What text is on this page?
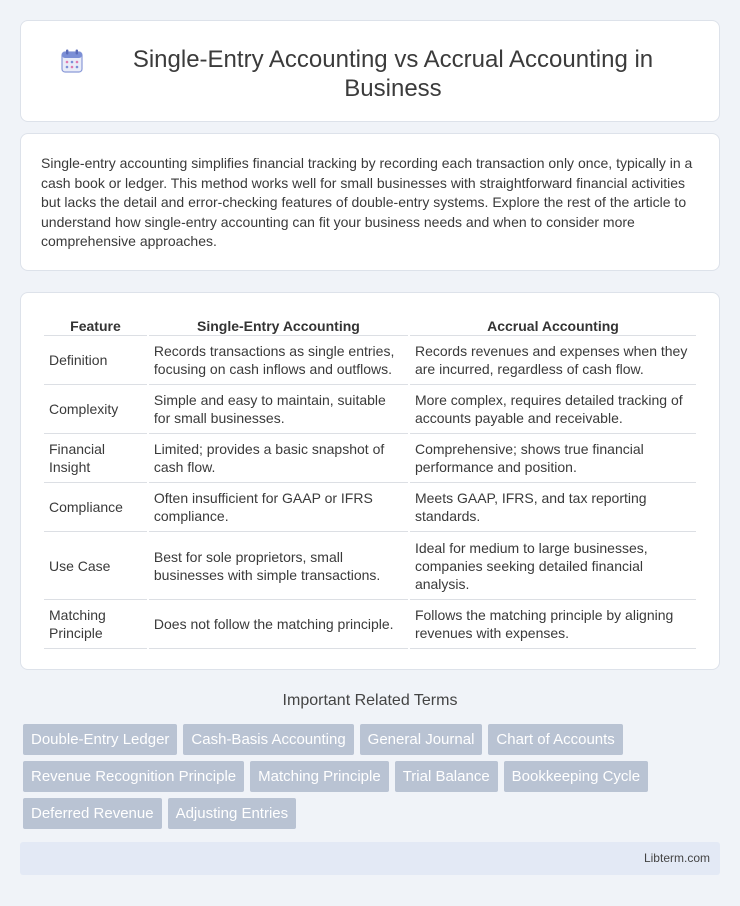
Single-Entry Accounting vs Accrual Accounting in Business

Single-entry accounting simplifies financial tracking by recording each transaction only once, typically in a cash book or ledger. This method works well for small businesses with straightforward financial activities but lacks the detail and error-checking features of double-entry systems. Explore the rest of the article to understand how single-entry accounting can fit your business needs and when to consider more comprehensive approaches.

Feature	Single-Entry Accounting	Accrual Accounting
Definition	Records transactions as single entries, focusing on cash inflows and outflows.	Records revenues and expenses when they are incurred, regardless of cash flow.
Complexity	Simple and easy to maintain, suitable for small businesses.	More complex, requires detailed tracking of accounts payable and receivable.
Financial Insight	Limited; provides a basic snapshot of cash flow.	Comprehensive; shows true financial performance and position.
Compliance	Often insufficient for GAAP or IFRS compliance.	Meets GAAP, IFRS, and tax reporting standards.
Use Case	Best for sole proprietors, small businesses with simple transactions.	Ideal for medium to large businesses, companies seeking detailed financial analysis.
Matching Principle	Does not follow the matching principle.	Follows the matching principle by aligning revenues with expenses.
Important Related Terms
Double-Entry Ledger	Cash-Basis Accounting	General Journal	Chart of Accounts
Revenue Recognition Principle	Matching Principle	Trial Balance	Bookkeeping Cycle
Deferred Revenue	Adjusting Entries
Libterm.com
